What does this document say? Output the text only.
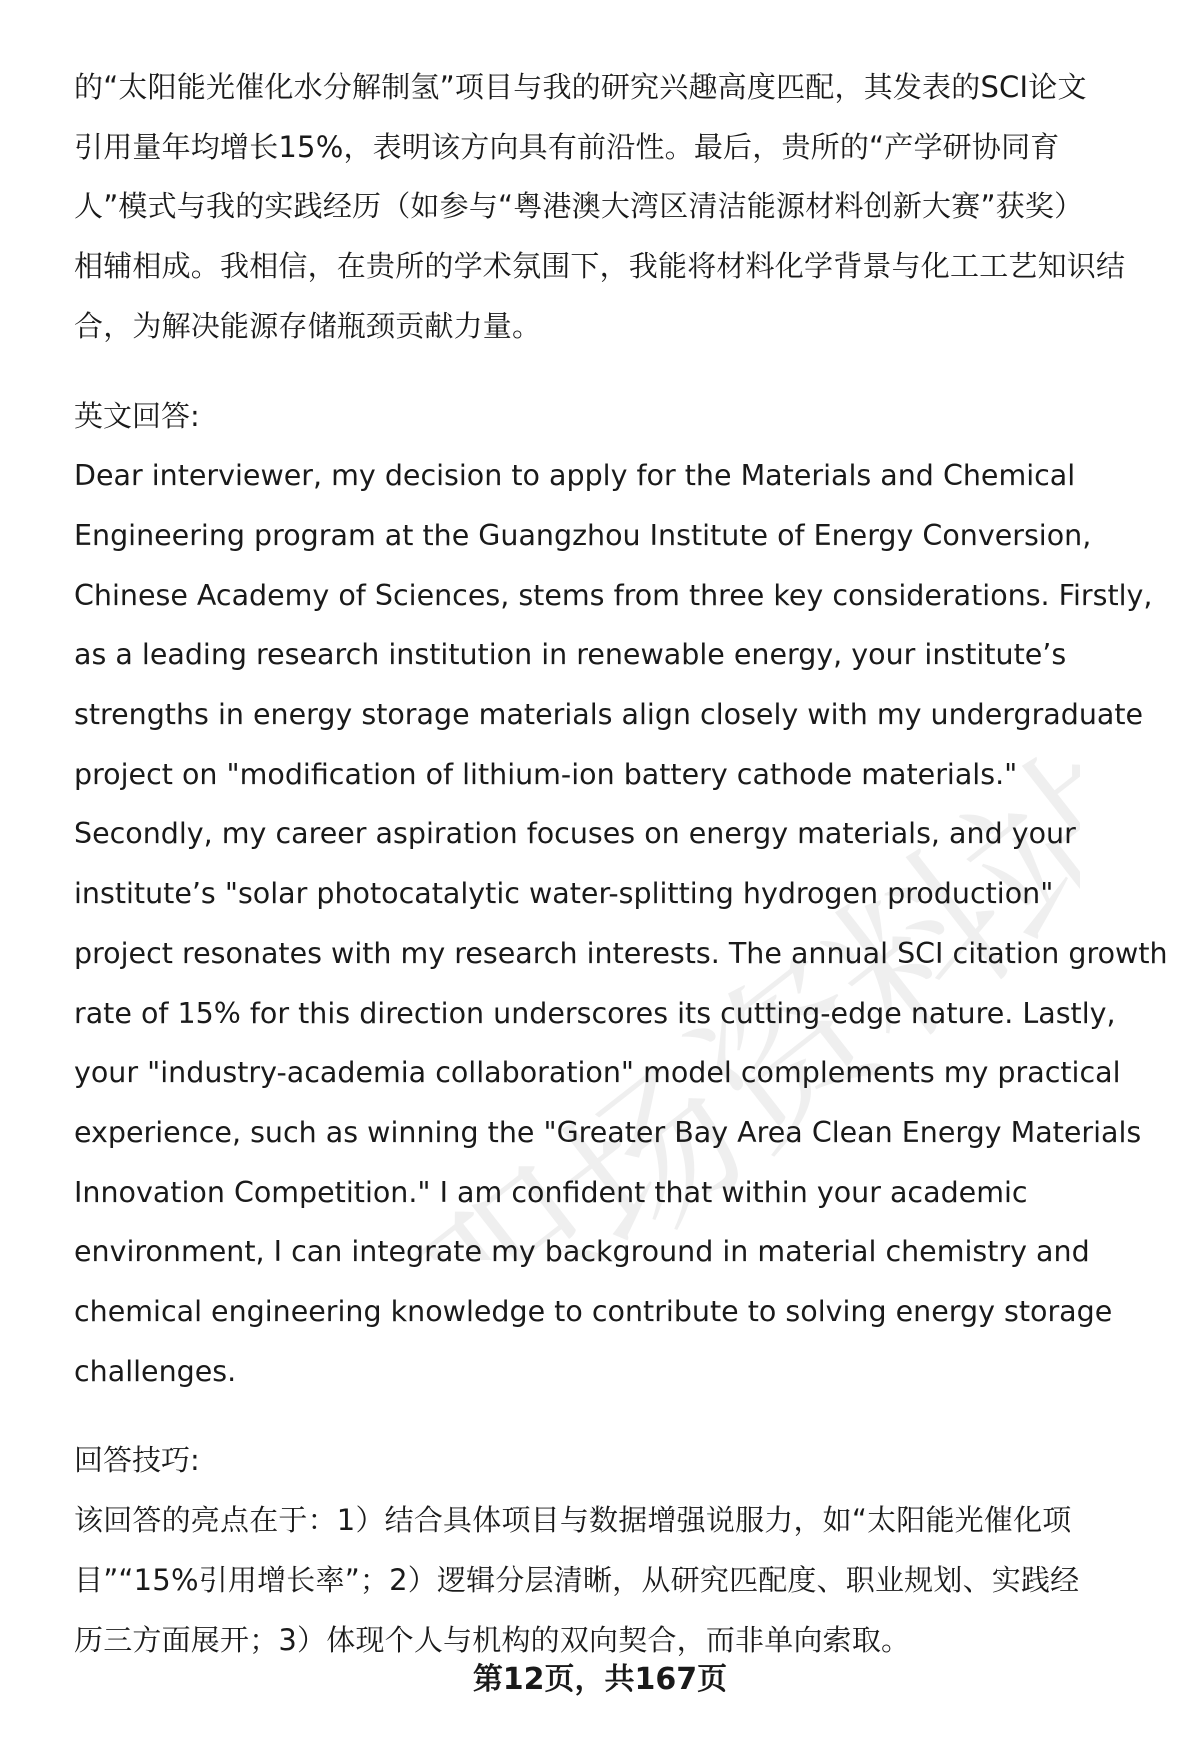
职场资料站

的“太阳能光催化水分解制氢”项目与我的研究兴趣高度匹配，其发表的SCI论文
引用量年均增长15%，表明该方向具有前沿性。最后，贵所的“产学研协同育
人”模式与我的实践经历（如参与“粤港澳大湾区清洁能源材料创新大赛”获奖）
相辅相成。我相信，在贵所的学术氛围下，我能将材料化学背景与化工工艺知识结
合，为解决能源存储瓶颈贡献力量。

英文回答:

Dear interviewer, my decision to apply for the Materials and Chemical
Engineering program at the Guangzhou Institute of Energy Conversion,
Chinese Academy of Sciences, stems from three key considerations. Firstly,
as a leading research institution in renewable energy, your institute’s
strengths in energy storage materials align closely with my undergraduate
project on "modification of lithium-ion battery cathode materials."
Secondly, my career aspiration focuses on energy materials, and your
institute’s "solar photocatalytic water-splitting hydrogen production"
project resonates with my research interests. The annual SCI citation growth
rate of 15% for this direction underscores its cutting-edge nature. Lastly,
your "industry-academia collaboration" model complements my practical
experience, such as winning the "Greater Bay Area Clean Energy Materials
Innovation Competition." I am confident that within your academic
environment, I can integrate my background in material chemistry and
chemical engineering knowledge to contribute to solving energy storage
challenges.

回答技巧:

该回答的亮点在于：1）结合具体项目与数据增强说服力，如“太阳能光催化项
目”“15%引用增长率”；2）逻辑分层清晰，从研究匹配度、职业规划、实践经
历三方面展开；3）体现个人与机构的双向契合，而非单向索取。

第12页，共167页
